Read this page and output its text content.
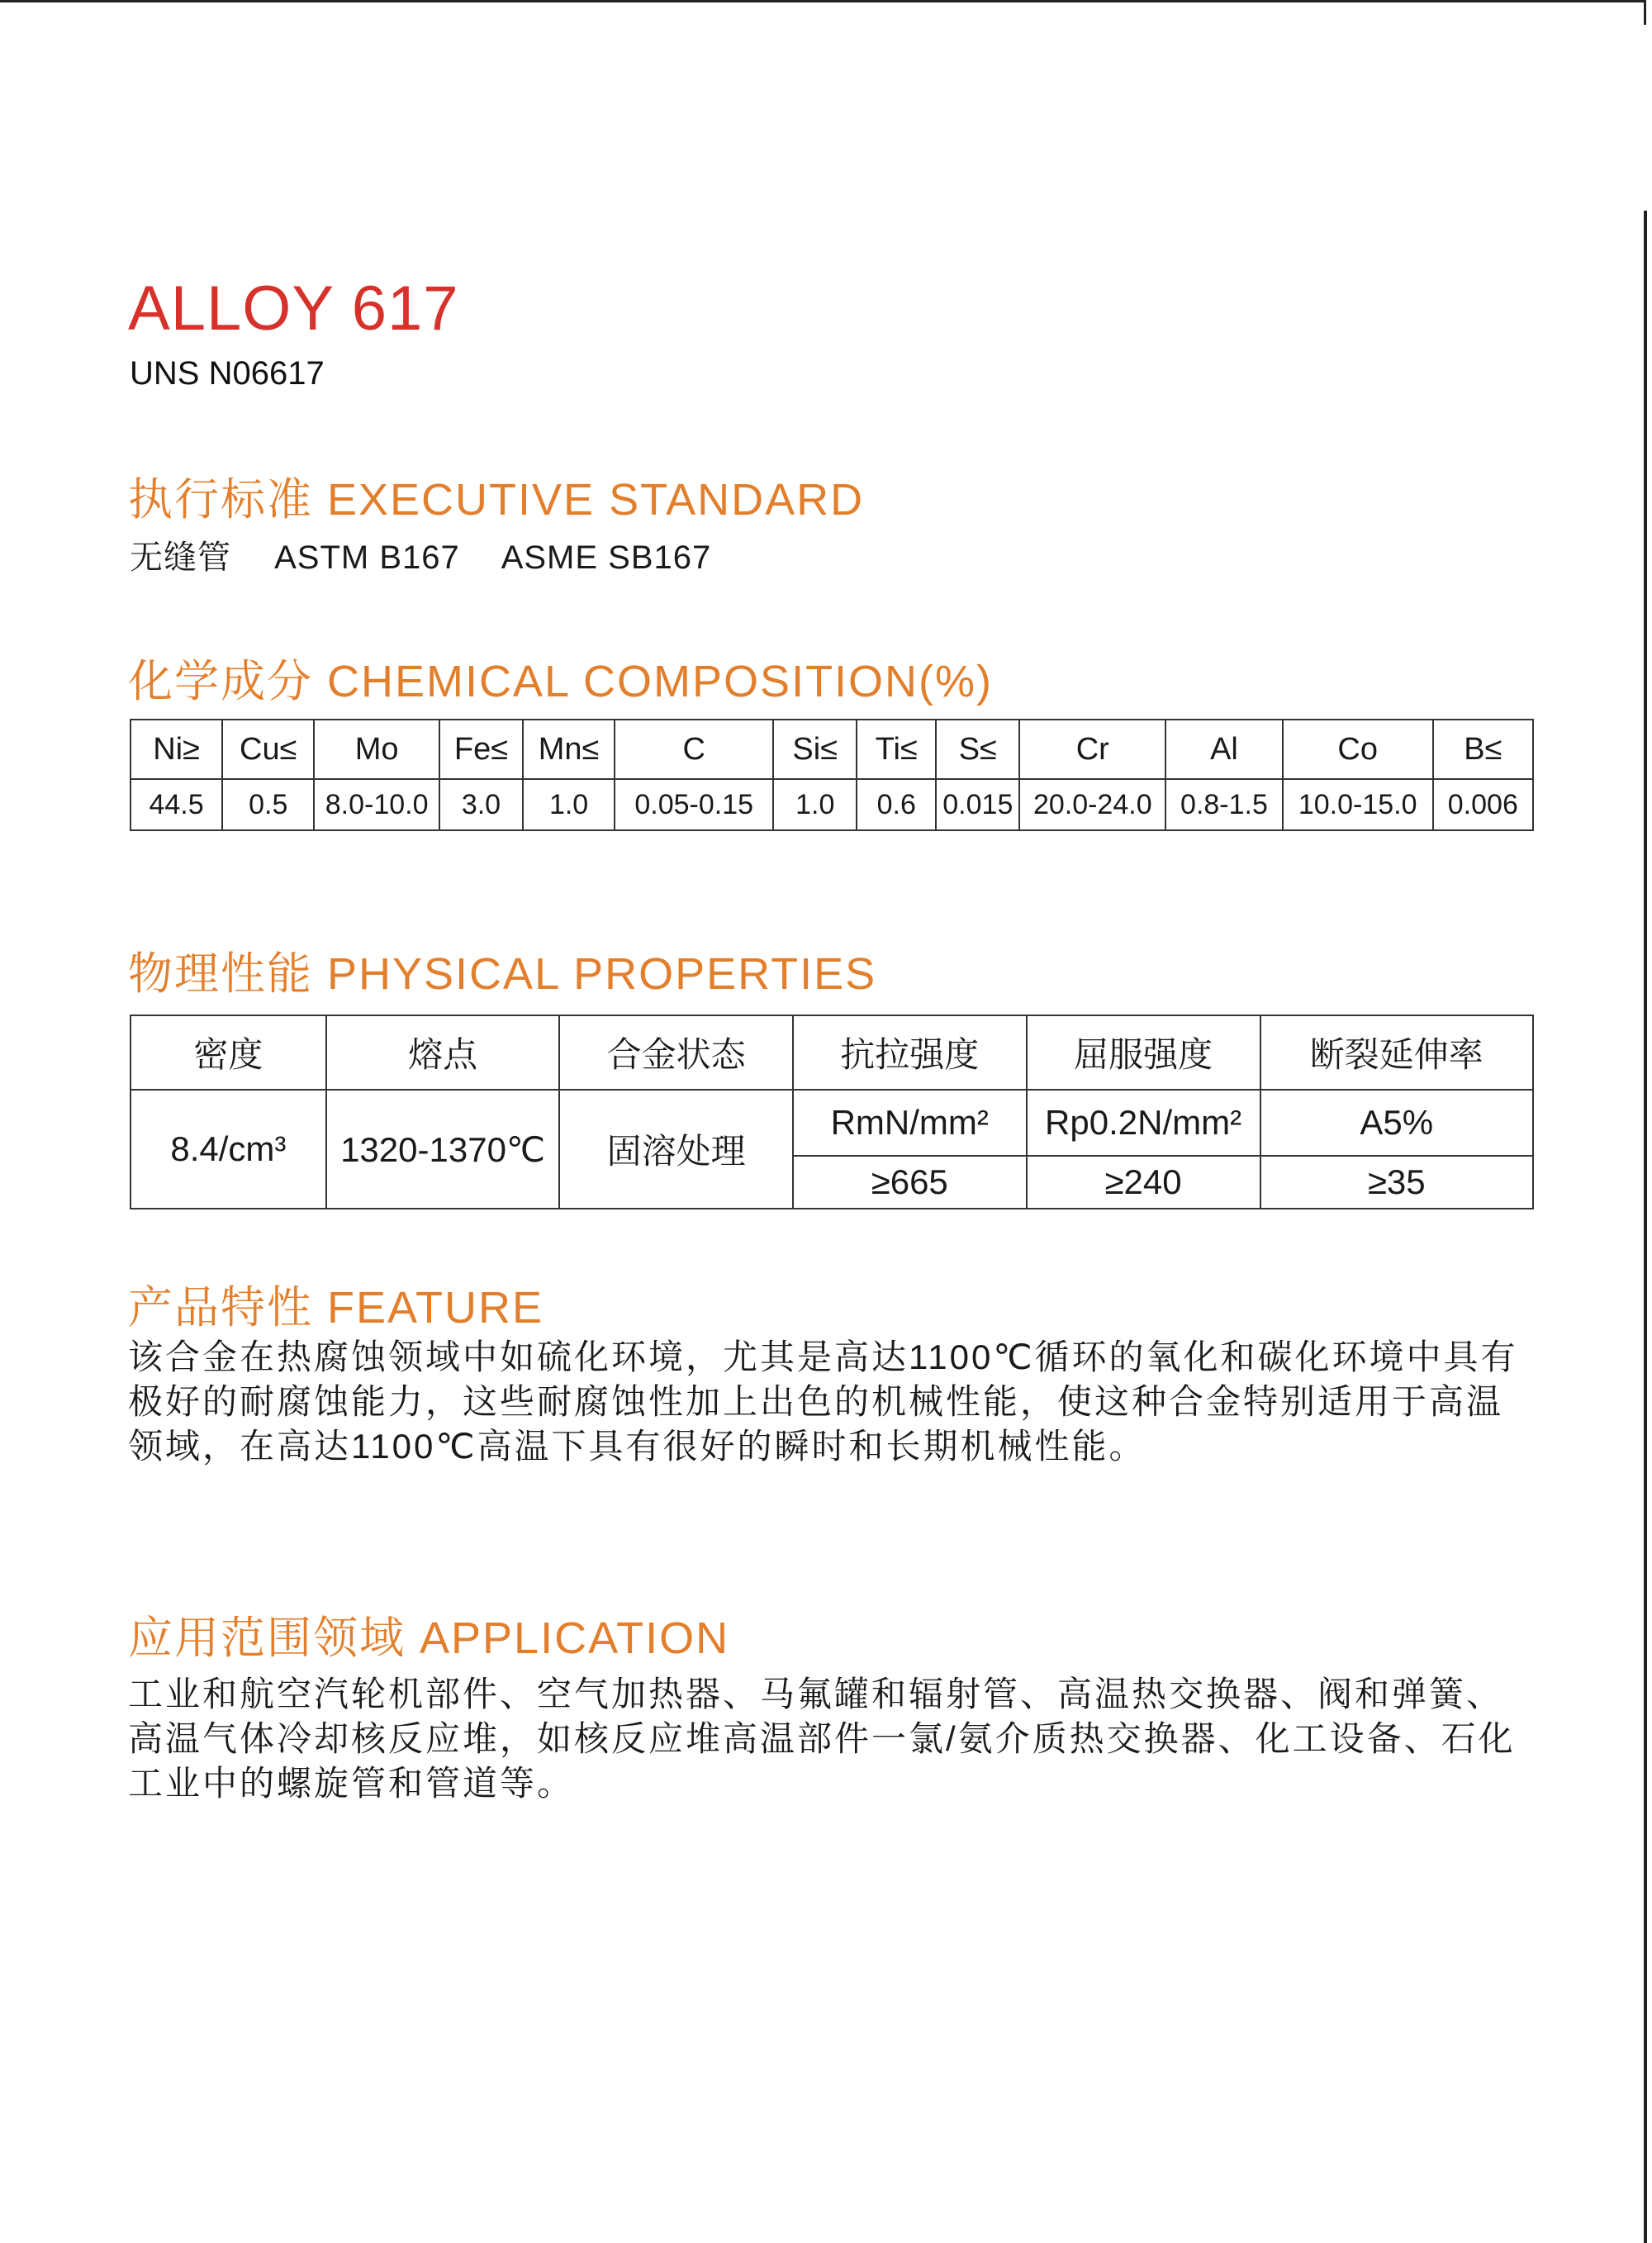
ALLOY 617
UNS N06617
执行标准 EXECUTIVE STANDARD
无缝管 ASTM B167 ASME SB167
化学成分 CHEMICAL COMPOSITION(%)
Ni≥	Cu≤	Mo	Fe≤	Mn≤	C	Si≤	Ti≤	S≤	Cr	Al	Co	B≤
44.5	0.5	8.0-10.0	3.0	1.0	0.05-0.15	1.0	0.6	0.015	20.0-24.0	0.8-1.5	10.0-15.0	0.006
物理性能 PHYSICAL PROPERTIES
密度	熔点	合金状态	抗拉强度	屈服强度	断裂延伸率
8.4/cm³	1320-1370℃	固溶处理	RmN/mm²	Rp0.2N/mm²	A5%
			≥665	≥240	≥35
产品特性 FEATURE
该合金在热腐蚀领域中如硫化环境，尤其是高达1100℃循环的氧化和碳化环境中具有极好的耐腐蚀能力，这些耐腐蚀性加上出色的机械性能，使这种合金特别适用于高温领域，在高达1100℃高温下具有很好的瞬时和长期机械性能。
应用范围领域 APPLICATION
工业和航空汽轮机部件、空气加热器、马氟罐和辐射管、高温热交换器、阀和弹簧、高温气体冷却核反应堆，如核反应堆高温部件一氯/氨介质热交换器、化工设备、石化工业中的螺旋管和管道等。
